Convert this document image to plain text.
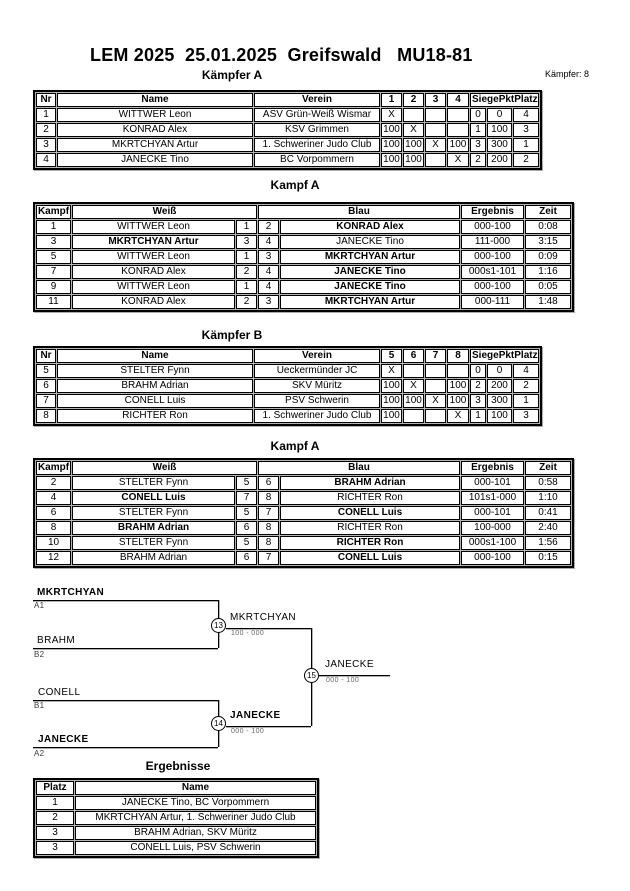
LEM 2025  25.01.2025  Greifswald   MU18-81
Kämpfer A	Kämpfer: 8
Nr	Name	Verein	1	2	3	4	Siege Pkt Platz		

1	WITTWER Leon	ASV Grün-Weiß Wismar	X				0	0	4
2	KONRAD Alex	KSV Grimmen	100	X			1	100	3
3	MKRTCHYAN Artur	1. Schweriner Judo Club	100	100	X	100	3	300	1
4	JANECKE Tino	BC Vorpommern	100	100		X	2	200	2
Kampf A
Kampf	Weiß		Blau		Ergebnis	Zeit
1	WITTWER Leon	1	2	KONRAD Alex	000-100	0:08
3	MKRTCHYAN Artur	3	4	JANECKE Tino	111-000	3:15
5	WITTWER Leon	1	3	MKRTCHYAN Artur	000-100	0:09
7	KONRAD Alex	2	4	JANECKE Tino	000s1-101	1:16
9	WITTWER Leon	1	4	JANECKE Tino	000-100	0:05
11	KONRAD Alex	2	3	MKRTCHYAN Artur	000-111	1:48
Kämpfer B
Nr	Name	Verein	5	6	7	8	Siege Pkt Platz		

5	STELTER Fynn	Ueckermünder JC	X				0	0	4
6	BRAHM Adrian	SKV Müritz	100	X		100	2	200	2
7	CONELL Luis	PSV Schwerin	100	100	X	100	3	300	1
8	RICHTER Ron	1. Schweriner Judo Club	100			X	1	100	3
Kampf A
Kampf	Weiß		Blau		Ergebnis	Zeit
2	STELTER Fynn	5	6	BRAHM Adrian	000-101	0:58
4	CONELL Luis	7	8	RICHTER Ron	101s1-000	1:10
6	STELTER Fynn	5	7	CONELL Luis	000-101	0:41
8	BRAHM Adrian	6	8	RICHTER Ron	100-000	2:40
10	STELTER Fynn	5	8	RICHTER Ron	000s1-100	1:56
12	BRAHM Adrian	6	7	CONELL Luis	000-100	0:15
MKRTCHYAN
A1
BRAHM
B2
13
MKRTCHYAN
100 - 000
CONELL
B1
JANECKE
A2
14
JANECKE
000 - 100
15
JANECKE
000 - 100
Ergebnisse
Platz	Name
1	JANECKE Tino, BC Vorpommern
2	MKRTCHYAN Artur, 1. Schweriner Judo Club
3	BRAHM Adrian, SKV Müritz
3	CONELL Luis, PSV Schwerin
